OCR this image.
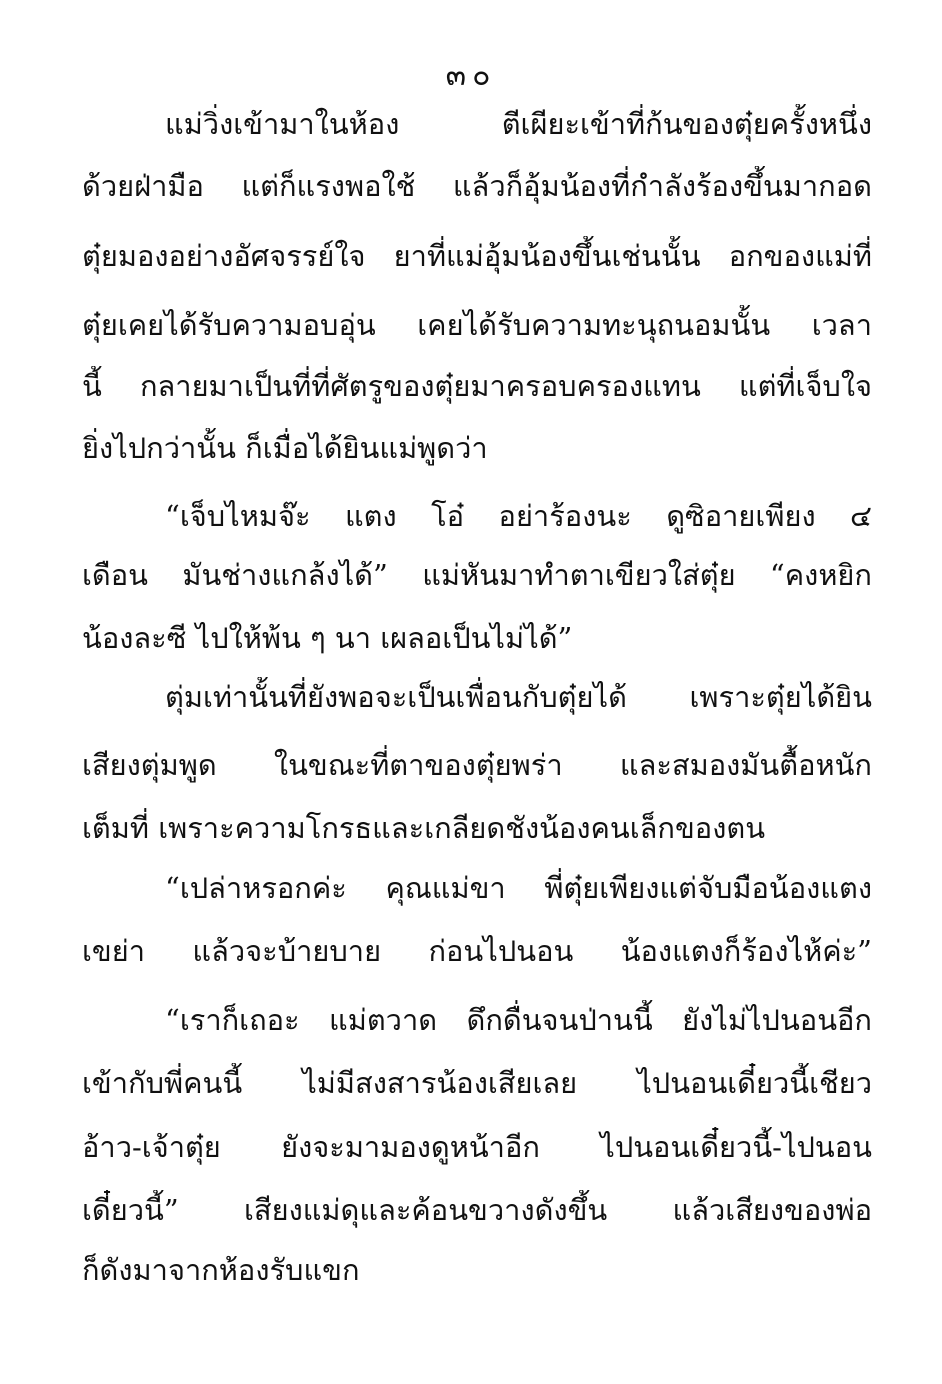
๓๐
แม่วิ่งเข้ามาในห้อง ตีเผียะเข้าที่ก้นของตุ๋ยครั้งหนึ่ง
ด้วยฝ่ามือ แต่ก็แรงพอใช้ แล้วก็อุ้มน้องที่กำลังร้องขึ้นมากอด
ตุ๋ยมองอย่างอัศจรรย์ใจ ยาที่แม่อุ้มน้องขึ้นเช่นนั้น อกของแม่ที่
ตุ๋ยเคยได้รับความอบอุ่น เคยได้รับความทะนุถนอมนั้น เวลา
นี้ กลายมาเป็นที่ที่ศัตรูของตุ๋ยมาครอบครองแทน แต่ที่เจ็บใจ
ยิ่งไปกว่านั้น ก็เมื่อได้ยินแม่พูดว่า
“เจ็บไหมจ๊ะ แตง โอ๋ อย่าร้องนะ ดูซิอายเพียง ๔
เดือน มันช่างแกล้งได้” แม่หันมาทำตาเขียวใส่ตุ๋ย “คงหยิก
น้องละซี ไปให้พ้น ๆ นา เผลอเป็นไม่ได้”
ตุ่มเท่านั้นที่ยังพอจะเป็นเพื่อนกับตุ๋ยได้ เพราะตุ๋ยได้ยิน
เสียงตุ่มพูด ในขณะที่ตาของตุ๋ยพร่า และสมองมันตื้อหนัก
เต็มที่ เพราะความโกรธและเกลียดชังน้องคนเล็กของตน
“เปล่าหรอกค่ะ คุณแม่ขา พี่ตุ๋ยเพียงแต่จับมือน้องแตง
เขย่า แล้วจะบ้ายบาย ก่อนไปนอน น้องแตงก็ร้องไห้ค่ะ”
“เราก็เถอะ แม่ตวาด ดึกดื่นจนป่านนี้ ยังไม่ไปนอนอีก
เข้ากับพี่คนนี้ ไม่มีสงสารน้องเสียเลย ไปนอนเดี๋ยวนี้เชียว
อ้าว-เจ้าตุ๋ย ยังจะมามองดูหน้าอีก ไปนอนเดี๋ยวนี้-ไปนอน
เดี๋ยวนี้” เสียงแม่ดุและค้อนขวางดังขึ้น แล้วเสียงของพ่อ
ก็ดังมาจากห้องรับแขก
